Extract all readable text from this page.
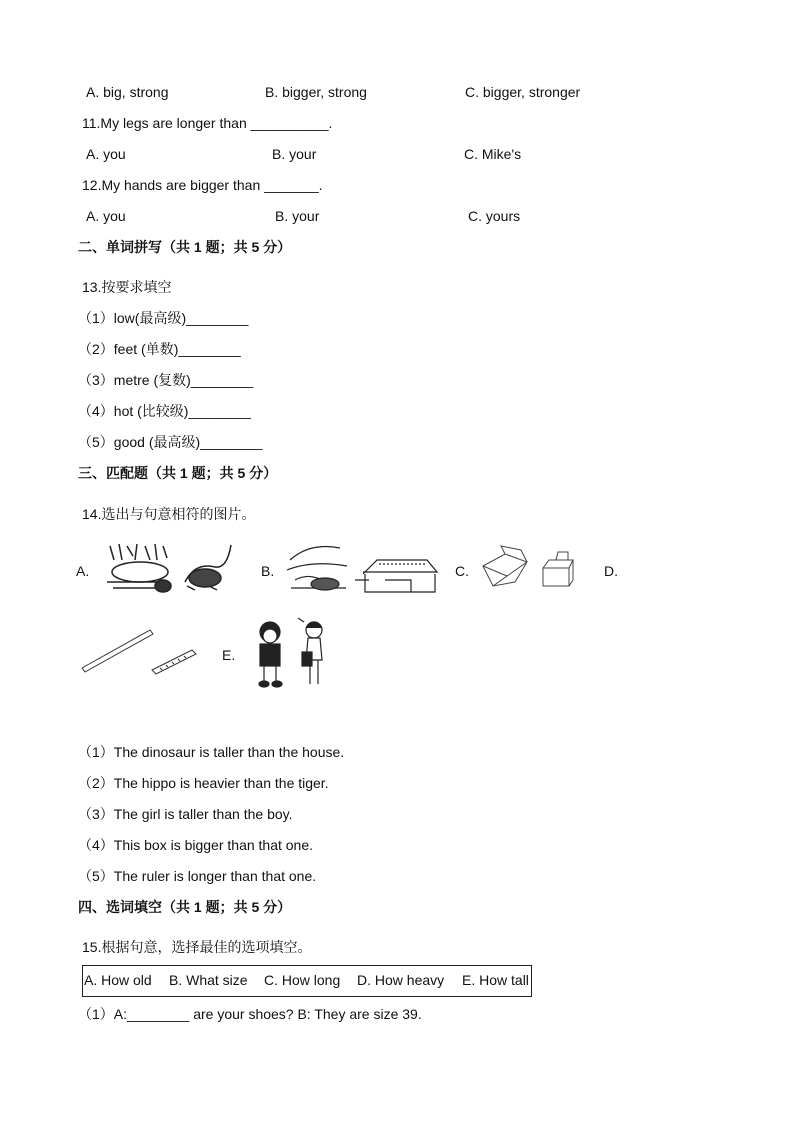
A. big, strong	B. bigger, strong	C. bigger, stronger
11.My legs are longer than __________.
A. you	B. your	C. Mike's
12.My hands are bigger than _______.
A. you	B. your	C. yours
二、单词拼写（共 1 题；共 5 分）
13.按要求填空
（1）low(最高级)________
（2）feet (单数)________
（3）metre (复数)________
（4）hot (比较级)________
（5）good (最高级)________
三、匹配题（共 1 题；共 5 分）
14.选出与句意相符的图片。
A.	B.	C.	D.
E.
（1）The dinosaur is taller than the house.
（2）The hippo is heavier than the tiger.
（3）The girl is taller than the boy.
（4）This box is bigger than that one.
（5）The ruler is longer than that one.
四、选词填空（共 1 题；共 5 分）
15.根据句意，选择最佳的选项填空。
A. How old B. What size C. How long D. How heavy E. How tall
（1）A:________ are your shoes? B: They are size 39.
